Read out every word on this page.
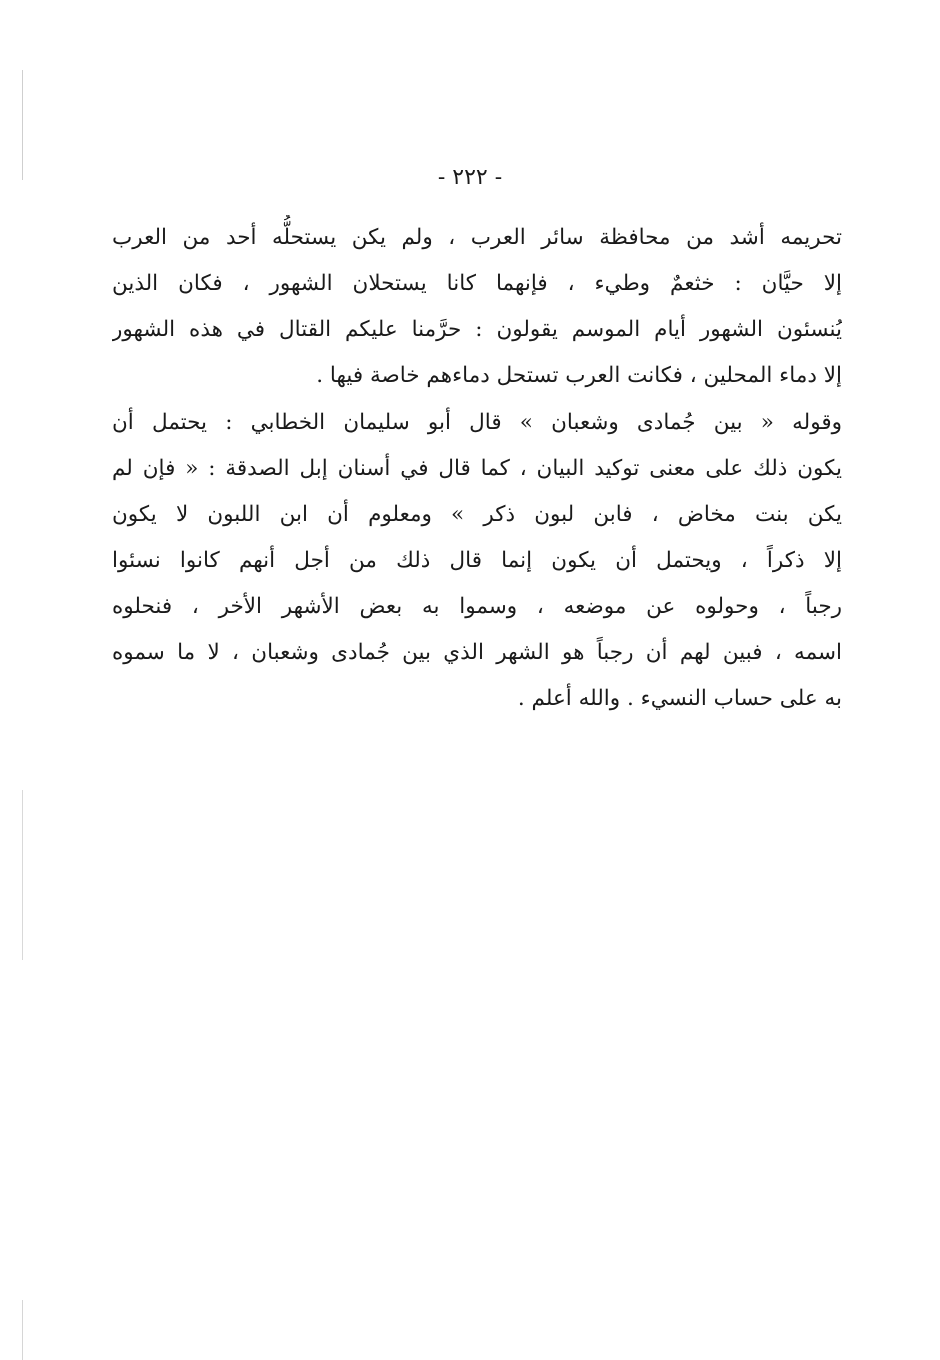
- ٢٢٢ -
تحريمه أشد من محافظة سائر العرب ، ولم يكن يستحلُّه أحد من العرب
إلا حيَّان : خثعمٌ وطيء ، فإنهما كانا يستحلان الشهور ، فكان الذين
يُنسئون الشهور أيام الموسم يقولون : حرَّمنا عليكم القتال في هذه الشهور
إلا دماء المحلين ، فكانت العرب تستحل دماءهم خاصة فيها .
وقوله « بين جُمادى وشعبان » قال أبو سليمان الخطابي : يحتمل أن
يكون ذلك على معنى توكيد البيان ، كما قال في أسنان إبل الصدقة : « فإن لم
يكن بنت مخاض ، فابن لبون ذكر » ومعلوم أن ابن اللبون لا يكون
إلا ذكراً ، ويحتمل أن يكون إنما قال ذلك من أجل أنهم كانوا نسئوا
رجباً ، وحولوه عن موضعه ، وسموا به بعض الأشهر الأخر ، فنحلوه
اسمه ، فبين لهم أن رجباً هو الشهر الذي بين جُمادى وشعبان ، لا ما سموه
به على حساب النسيء . والله أعلم .
